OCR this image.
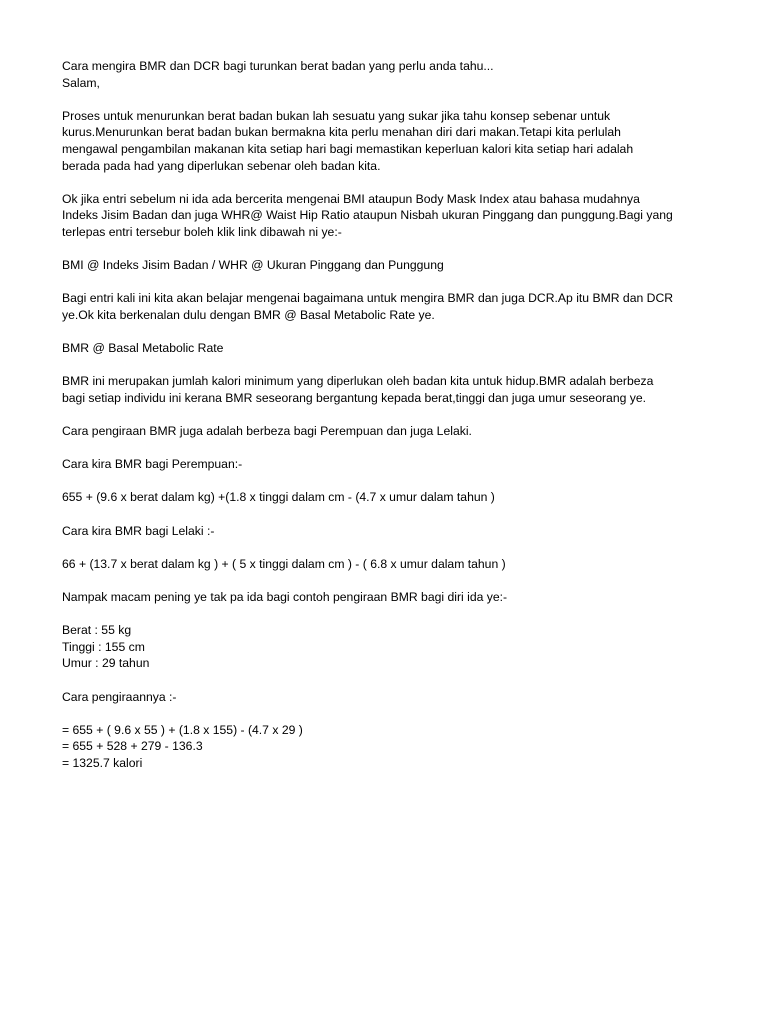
Cara mengira BMR dan DCR bagi turunkan berat badan yang perlu anda tahu...
Salam,
Proses untuk menurunkan berat badan bukan lah sesuatu yang sukar jika tahu konsep sebenar untuk
kurus.Menurunkan berat badan bukan bermakna kita perlu menahan diri dari makan.Tetapi kita perlulah
mengawal pengambilan makanan kita setiap hari bagi memastikan keperluan kalori kita setiap hari adalah
berada pada had yang diperlukan sebenar oleh badan kita.
Ok jika entri sebelum ni ida ada bercerita mengenai BMI ataupun Body Mask Index atau bahasa mudahnya
Indeks Jisim Badan dan juga WHR@ Waist Hip Ratio ataupun Nisbah ukuran Pinggang dan punggung.Bagi yang
terlepas entri tersebur boleh klik link dibawah ni ye:-
BMI @ Indeks Jisim Badan / WHR @ Ukuran Pinggang dan Punggung
Bagi entri kali ini kita akan belajar mengenai bagaimana untuk mengira BMR dan juga DCR.Ap itu BMR dan DCR
ye.Ok kita berkenalan dulu dengan BMR @ Basal Metabolic Rate ye.
BMR @ Basal Metabolic Rate
BMR ini merupakan jumlah kalori minimum yang diperlukan oleh badan kita untuk hidup.BMR adalah berbeza
bagi setiap individu ini kerana BMR seseorang bergantung kepada berat,tinggi dan juga umur seseorang ye.
Cara pengiraan BMR juga adalah berbeza bagi Perempuan dan juga Lelaki.
Cara kira BMR bagi Perempuan:-
655 + (9.6 x berat dalam kg) +(1.8 x tinggi dalam cm - (4.7 x umur dalam tahun )
Cara kira BMR bagi Lelaki :-
66 + (13.7 x berat dalam kg ) + ( 5 x tinggi dalam cm ) - ( 6.8 x umur dalam tahun )
Nampak macam pening ye tak pa ida bagi contoh pengiraan BMR bagi diri ida ye:-
Berat : 55 kg
Tinggi : 155 cm
Umur : 29 tahun
Cara pengiraannya :-
= 655 + ( 9.6 x 55 ) + (1.8 x 155) - (4.7 x 29 )
= 655 + 528 + 279 - 136.3
= 1325.7 kalori
